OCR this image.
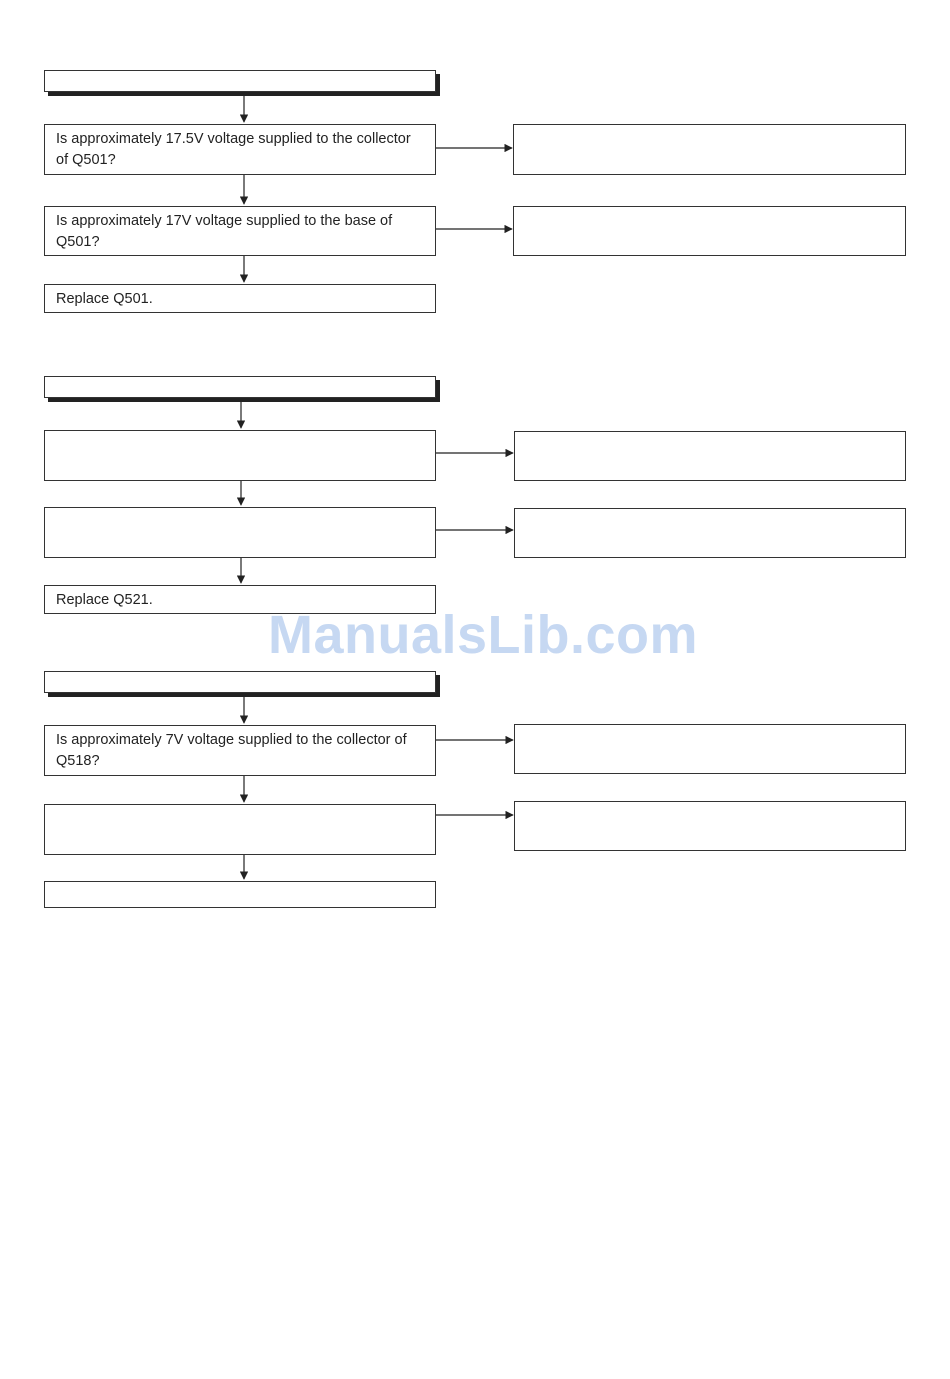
Is approximately 17.5V voltage supplied to the collector of Q501?
Is approximately 17V voltage supplied to the base of Q501?
Replace Q501.
Replace Q521.
ManualsLib.com
Is approximately 7V voltage supplied to the collector of Q518?
